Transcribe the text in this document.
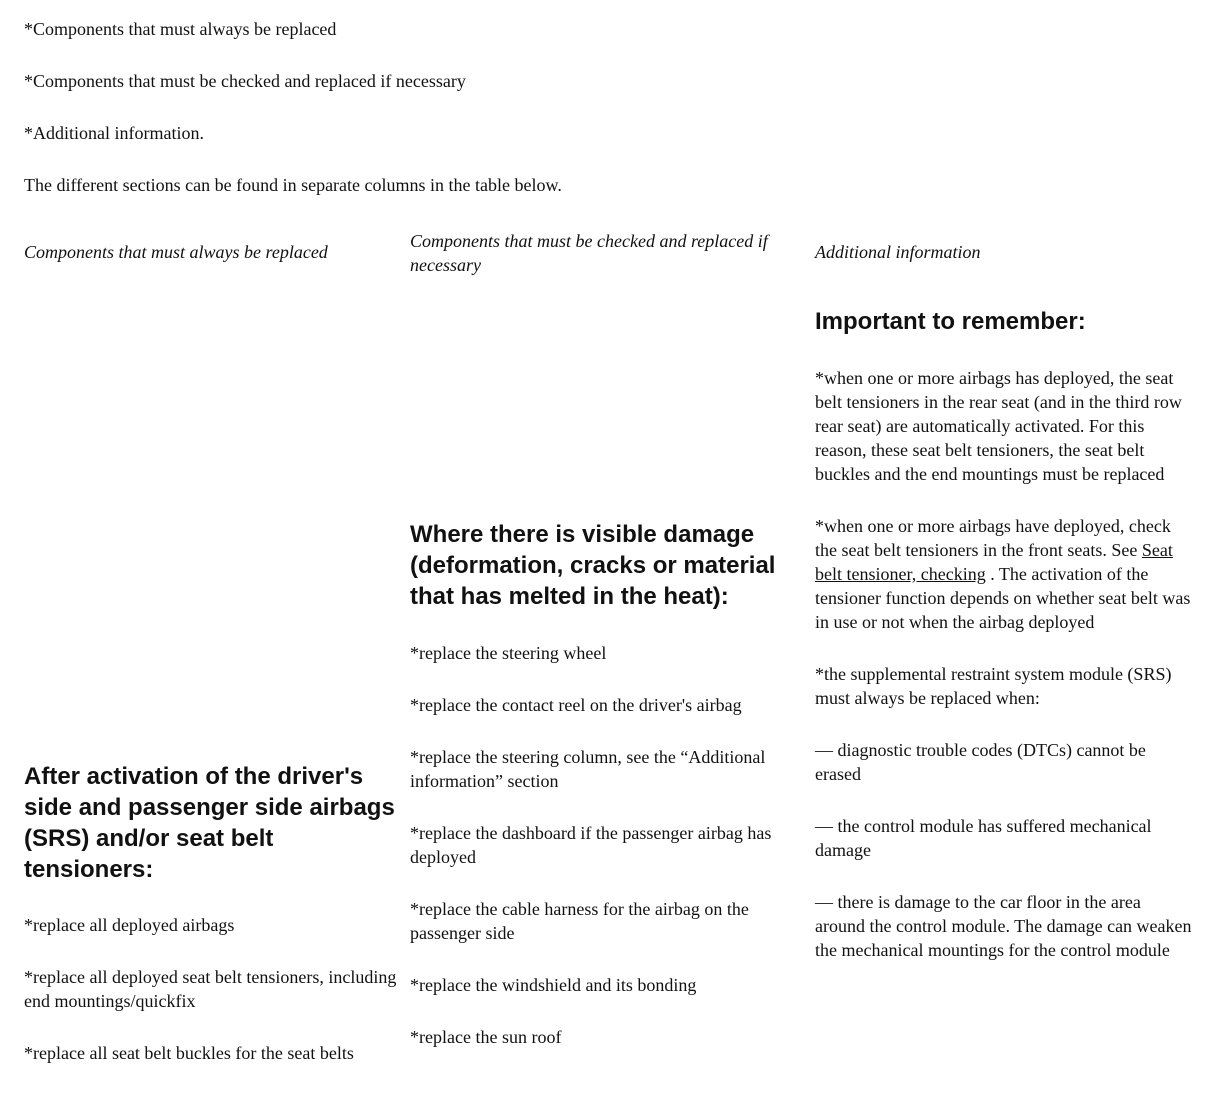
*Components that must always be replaced

*Components that must be checked and replaced if necessary

*Additional information.

The different sections can be found in separate columns in the table below.

Components that must always be replaced

Components that must be checked and replaced if necessary

Additional information

After activation of the driver's side and passenger side airbags (SRS) and/or seat belt tensioners:

*replace all deployed airbags

*replace all deployed seat belt tensioners, including end mountings/quickfix

*replace all seat belt buckles for the seat belts

Where there is visible damage (deformation, cracks or material that has melted in the heat):

*replace the steering wheel

*replace the contact reel on the driver's airbag

*replace the steering column, see the “Additional information” section

*replace the dashboard if the passenger airbag has deployed

*replace the cable harness for the airbag on the passenger side

*replace the windshield and its bonding

*replace the sun roof

Important to remember:

*when one or more airbags has deployed, the seat belt tensioners in the rear seat (and in the third row rear seat) are automatically activated. For this reason, these seat belt tensioners, the seat belt buckles and the end mountings must be replaced

*when one or more airbags have deployed, check the seat belt tensioners in the front seats. See Seat belt tensioner, checking . The activation of the tensioner function depends on whether seat belt was in use or not when the airbag deployed

*the supplemental restraint system module (SRS) must always be replaced when:

— diagnostic trouble codes (DTCs) cannot be erased

— the control module has suffered mechanical damage

— there is damage to the car floor in the area around the control module. The damage can weaken the mechanical mountings for the control module
